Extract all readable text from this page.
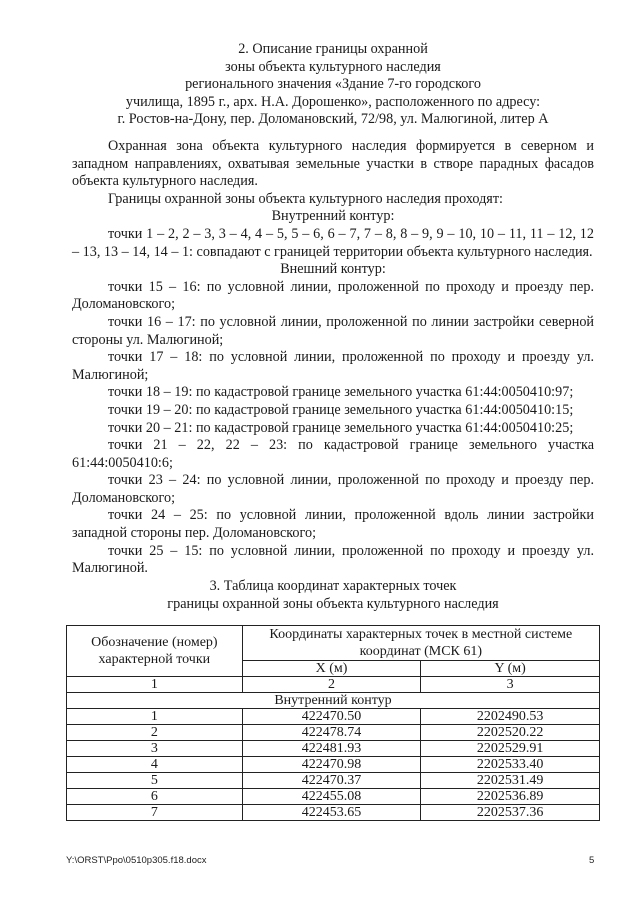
2. Описание границы охранной
зоны объекта культурного наследия
регионального значения «Здание 7-го городского
училища, 1895 г., арх. Н.А. Дорошенко», расположенного по адресу:
г. Ростов-на-Дону, пер. Доломановский, 72/98, ул. Малюгиной, литер А

Охранная зона объекта культурного наследия формируется в северном и западном направлениях, охватывая земельные участки в створе парадных фасадов объекта культурного наследия.

Границы охранной зоны объекта культурного наследия проходят:

Внутренний контур:

точки 1 – 2, 2 – 3, 3 – 4, 4 – 5, 5 – 6, 6 – 7, 7 – 8, 8 – 9, 9 – 10, 10 – 11, 11 – 12, 12 – 13, 13 – 14, 14 – 1: совпадают с границей территории объекта культурного наследия.

Внешний контур:

точки 15 – 16: по условной линии, проложенной по проходу и проезду пер. Доломановского;

точки 16 – 17: по условной линии, проложенной по линии застройки северной стороны ул. Малюгиной;

точки 17 – 18: по условной линии, проложенной по проходу и проезду ул. Малюгиной;

точки 18 – 19: по кадастровой границе земельного участка 61:44:0050410:97;

точки 19 – 20: по кадастровой границе земельного участка 61:44:0050410:15;

точки 20 – 21: по кадастровой границе земельного участка 61:44:0050410:25;

точки 21 – 22, 22 – 23: по кадастровой границе земельного участка 61:44:0050410:6;

точки 23 – 24: по условной линии, проложенной по проходу и проезду пер. Доломановского;

точки 24 – 25: по условной линии, проложенной вдоль линии застройки западной стороны пер. Доломановского;

точки 25 – 15: по условной линии, проложенной по проходу и проезду ул. Малюгиной.

3. Таблица координат характерных точек
границы охранной зоны объекта культурного наследия
Обозначение (номер) характерной точки	Координаты характерных точек в местной системе координат (МСК 61)	
	X (м)	Y (м)
1	2	3
Внутренний контур		
1	422470.50	2202490.53
2	422478.74	2202520.22
3	422481.93	2202529.91
4	422470.98	2202533.40
5	422470.37	2202531.49
6	422455.08	2202536.89
7	422453.65	2202537.36
Y:\ORST\Ppo\0510p305.f18.docx	5
